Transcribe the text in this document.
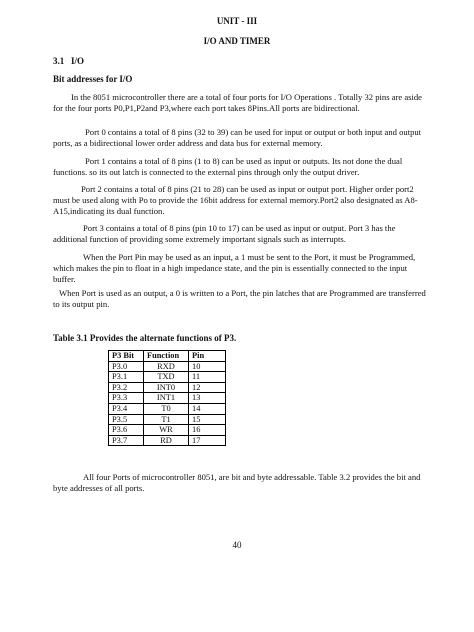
UNIT - III
I/O AND TIMER
3.1   I/O
Bit addresses for I/O
In the 8051 microcontroller there are a total of four ports for I/O Operations . Totally 32 pins are aside for the four ports P0,P1,P2and P3,where each port takes 8Pins.All ports are bidirectional.
Port 0 contains a total of 8 pins (32 to 39) can be used for input or output or both input and output ports, as a bidirectional lower order address and data bus for external memory.
Port 1 contains a total of 8 pins (1 to 8) can be used as input or outputs. Its not done the dual functions. so its out latch is connected to the external pins through only the output driver.
Port 2 contains a total of 8 pins (21 to 28) can be used as input or output port. Higher order port2 must be used along with Po to provide the 16bit address for external memory.Port2 also designated as A8-A15,indicating its dual function.
Port 3 contains a total of 8 pins (pin 10 to 17) can be used as input or output. Port 3 has the additional function of providing some extremely important signals such as interrupts.
When the Port Pin may be used as an input, a 1 must be sent to the Port, it must be Programmed, which makes the pin to float in a high impedance state, and the pin is essentially connected to the input buffer.
When Port is used as an output, a 0 is written to a Port, the pin latches that are Programmed are transferred to its output pin.
Table 3.1 Provides the alternate functions of P3.
P3 Bit	Function	Pin
P3.0	RXD	10
P3.1	TXD	11
P3.2	INT0	12
P3.3	INT1	13
P3.4	T0	14
P3.5	T1	15
P3.6	$\overline{WR}$	16
P3.7	$\overline{RD}$	17
All four Ports of microcontroller 8051, are bit and byte addressable. Table 3.2 provides the bit and byte addresses of all ports.
40
